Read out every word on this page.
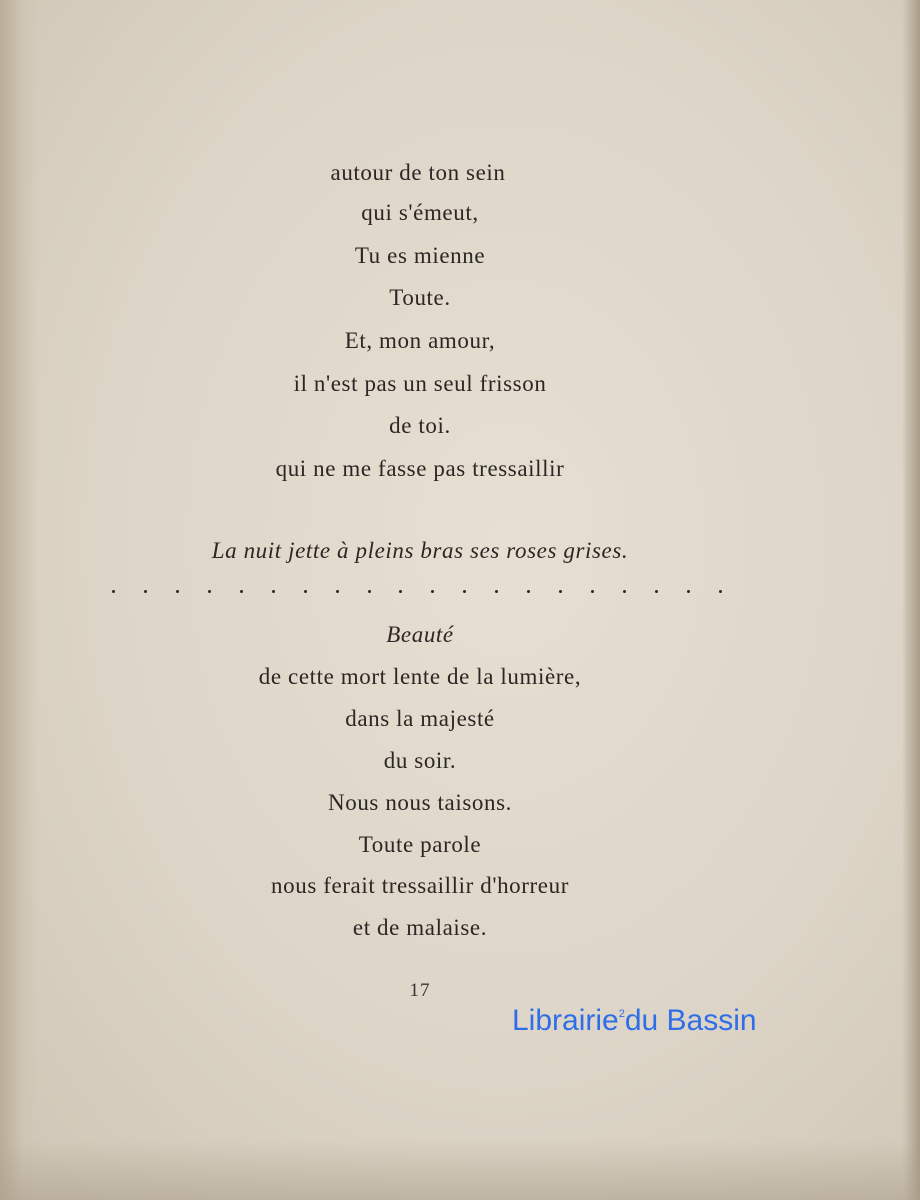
autour de ton sein
qui s'émeut,
Tu es mienne
Toute.
Et, mon amour,
il n'est pas un seul frisson
de toi.
qui ne me fasse pas tressaillir
La nuit jette à pleins bras ses roses grises.
Beauté
de cette mort lente de la lumière,
dans la majesté
du soir.
Nous nous taisons.
Toute parole
nous ferait tressaillir d'horreur
et de malaise.
17
Librairie$^2$du Bassin
